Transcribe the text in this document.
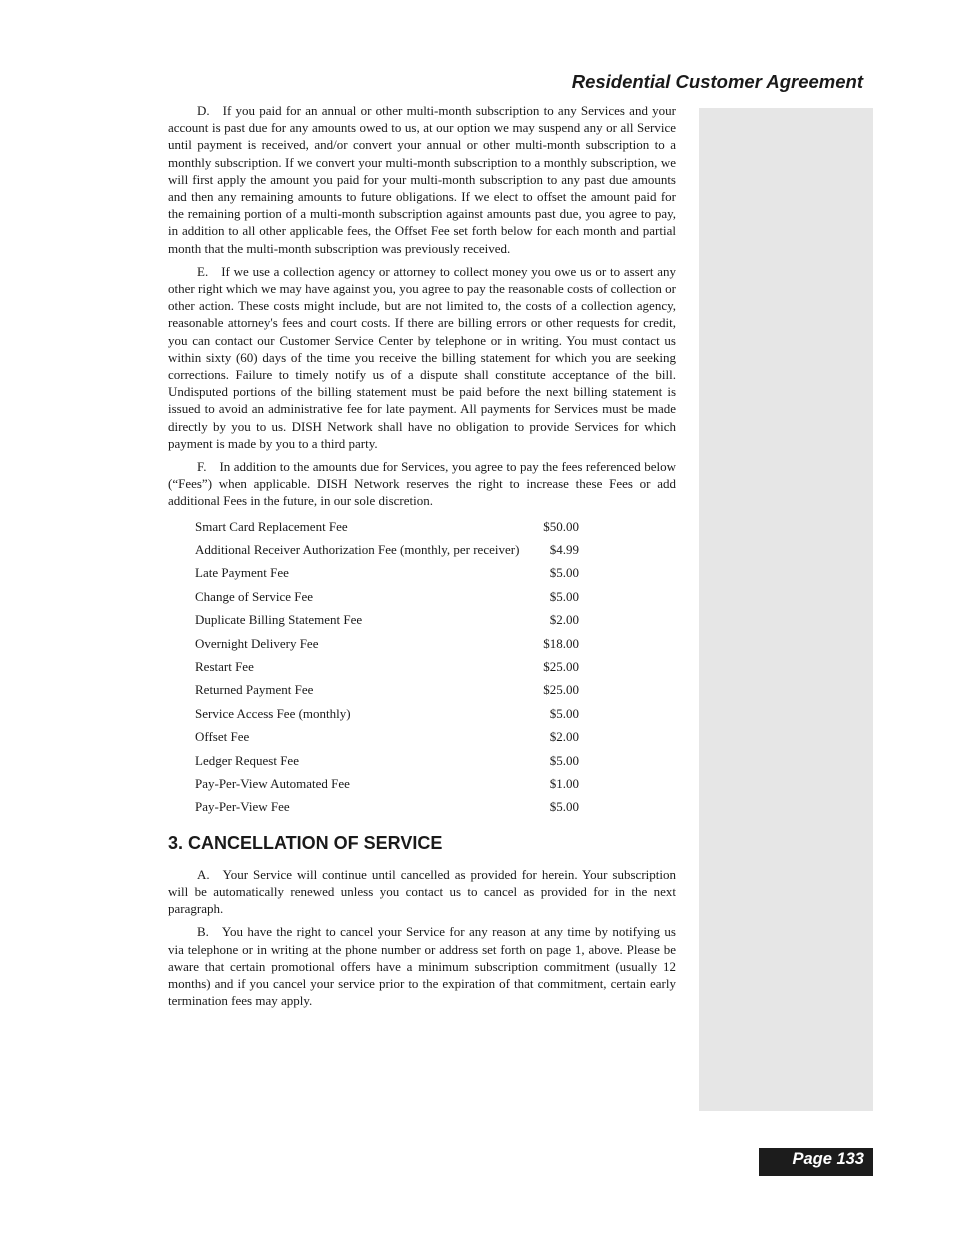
Residential Customer Agreement

D. If you paid for an annual or other multi-month subscription to any Services and your account is past due for any amounts owed to us, at our option we may suspend any or all Service until payment is received, and/or convert your annual or other multi-month subscription to a monthly subscription. If we convert your multi-month subscription to a monthly subscription, we will first apply the amount you paid for your multi-month subscription to any past due amounts and then any remaining amounts to future obligations. If we elect to offset the amount paid for the remaining portion of a multi-month subscription against amounts past due, you agree to pay, in addition to all other applicable fees, the Offset Fee set forth below for each month and partial month that the multi-month subscription was previously received.

E. If we use a collection agency or attorney to collect money you owe us or to assert any other right which we may have against you, you agree to pay the reasonable costs of collection or other action. These costs might include, but are not limited to, the costs of a collection agency, reasonable attorney's fees and court costs. If there are billing errors or other requests for credit, you can contact our Customer Service Center by telephone or in writing. You must contact us within sixty (60) days of the time you receive the billing statement for which you are seeking corrections. Failure to timely notify us of a dispute shall constitute acceptance of the bill. Undisputed portions of the billing statement must be paid before the next billing statement is issued to avoid an administrative fee for late payment. All payments for Services must be made directly by you to us. DISH Network shall have no obligation to provide Services for which payment is made by you to a third party.

F. In addition to the amounts due for Services, you agree to pay the fees referenced below (“Fees”) when applicable. DISH Network reserves the right to increase these Fees or add additional Fees in the future, in our sole discretion.

Smart Card Replacement Fee	$50.00
Additional Receiver Authorization Fee (monthly, per receiver) $4.99
Late Payment Fee	$5.00
Change of Service Fee	$5.00
Duplicate Billing Statement Fee	$2.00
Overnight Delivery Fee	$18.00
Restart Fee	$25.00
Returned Payment Fee	$25.00
Service Access Fee (monthly)	$5.00
Offset Fee	$2.00
Ledger Request Fee	$5.00
Pay-Per-View Automated Fee	$1.00
Pay-Per-View Fee	$5.00
3. CANCELLATION OF SERVICE

A. Your Service will continue until cancelled as provided for herein. Your subscription will be automatically renewed unless you contact us to cancel as provided for in the next paragraph.

B. You have the right to cancel your Service for any reason at any time by notifying us via telephone or in writing at the phone number or address set forth on page 1, above. Please be aware that certain promotional offers have a minimum subscription commitment (usually 12 months) and if you cancel your service prior to the expiration of that commitment, certain early termination fees may apply.

Page 133
